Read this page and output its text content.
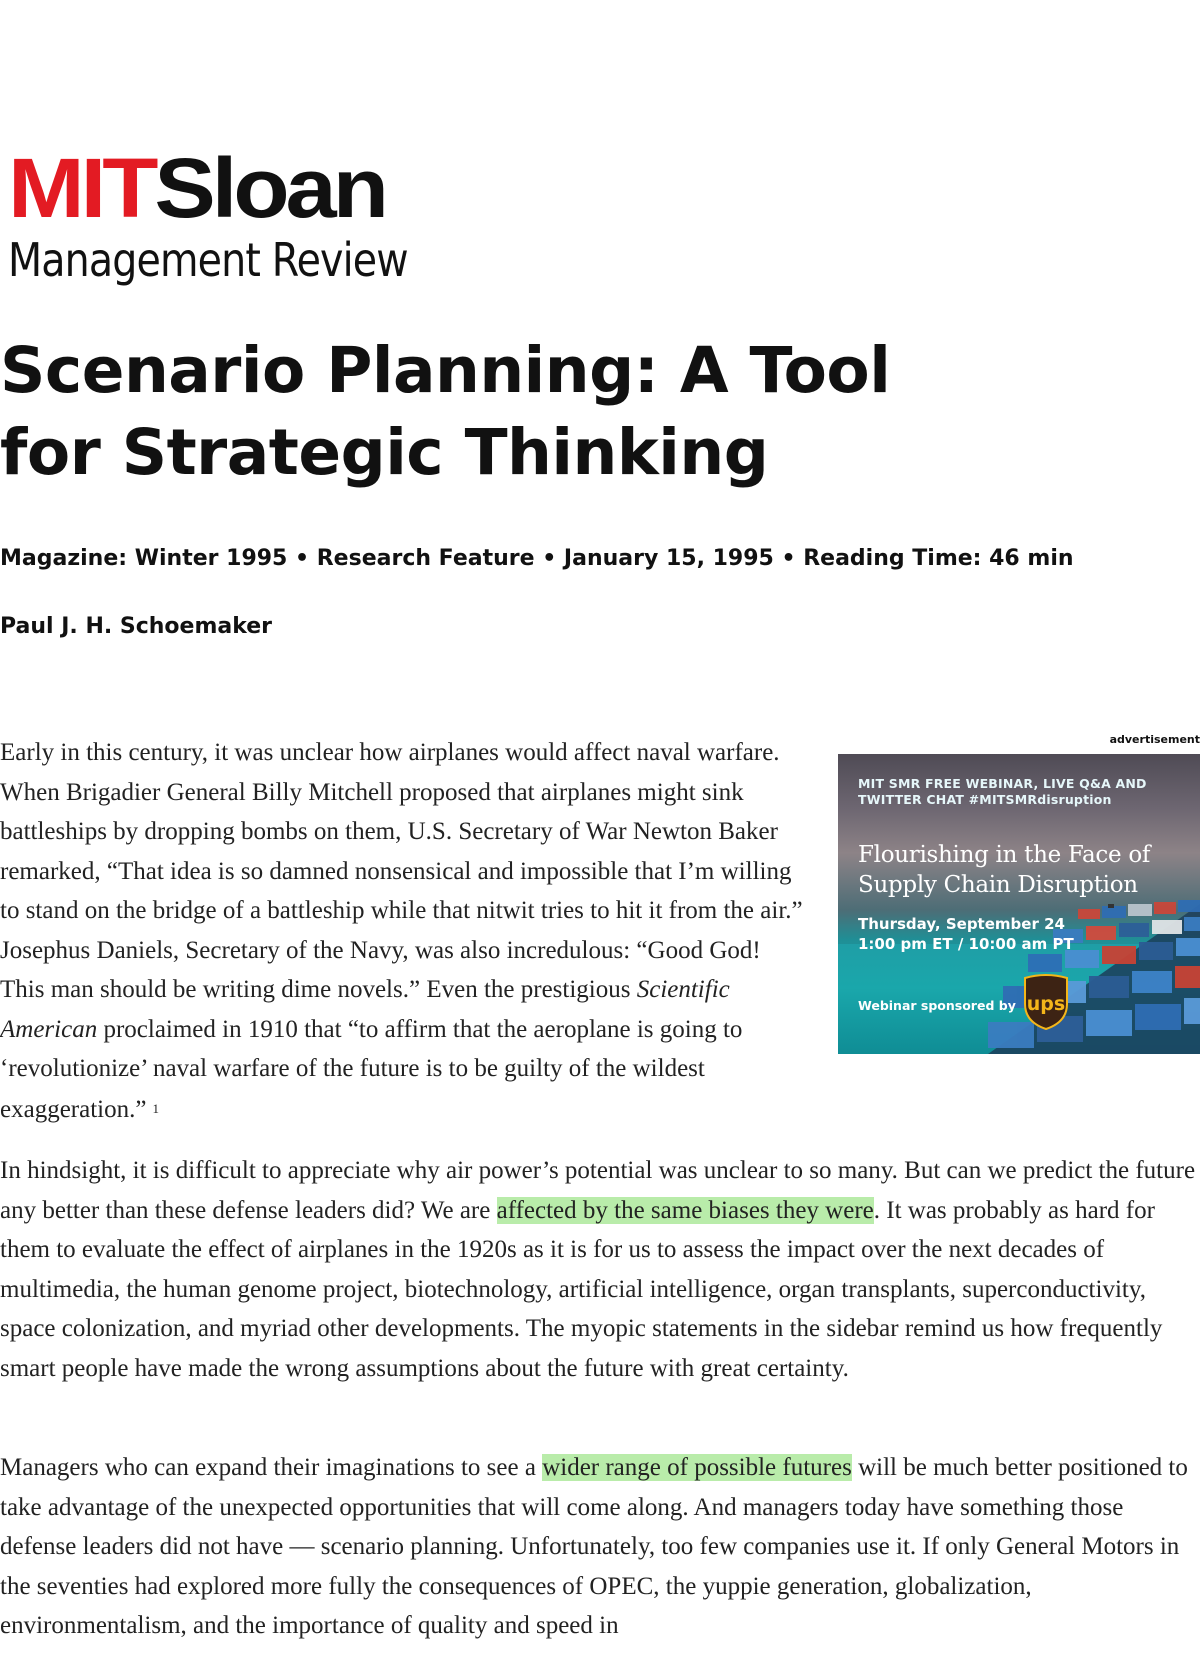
MITSloan
Management Review
Scenario Planning: A Tool for Strategic Thinking
Magazine: Winter 1995 • Research Feature • January 15, 1995 • Reading Time: 46 min
Paul J. H. Schoemaker

Early in this century, it was unclear how airplanes would affect naval warfare. When Brigadier General Billy Mitchell proposed that airplanes might sink battleships by dropping bombs on them, U.S. Secretary of War Newton Baker remarked, “That idea is so damned nonsensical and impossible that I’m willing to stand on the bridge of a battleship while that nitwit tries to hit it from the air.” Josephus Daniels, Secretary of the Navy, was also incredulous: “Good God! This man should be writing dime novels.” Even the prestigious Scientific American proclaimed in 1910 that “to affirm that the aeroplane is going to ‘revolutionize’ naval warfare of the future is to be guilty of the wildest exaggeration.” $^1$

advertisement
MIT SMR FREE WEBINAR, LIVE Q&A AND TWITTER CHAT #MITSMRdisruption
Flourishing in the Face of Supply Chain Disruption
Thursday, September 24
1:00 pm ET / 10:00 am PT
Webinar sponsored by ups

In hindsight, it is difficult to appreciate why air power’s potential was unclear to so many. But can we predict the future any better than these defense leaders did? We are affected by the same biases they were. It was probably as hard for them to evaluate the effect of airplanes in the 1920s as it is for us to assess the impact over the next decades of multimedia, the human genome project, biotechnology, artificial intelligence, organ transplants, superconductivity, space colonization, and myriad other developments. The myopic statements in the sidebar remind us how frequently smart people have made the wrong assumptions about the future with great certainty.

Managers who can expand their imaginations to see a wider range of possible futures will be much better positioned to take advantage of the unexpected opportunities that will come along. And managers today have something those defense leaders did not have — scenario planning. Unfortunately, too few companies use it. If only General Motors in the seventies had explored more fully the consequences of OPEC, the yuppie generation, globalization, environmentalism, and the importance of quality and speed in
